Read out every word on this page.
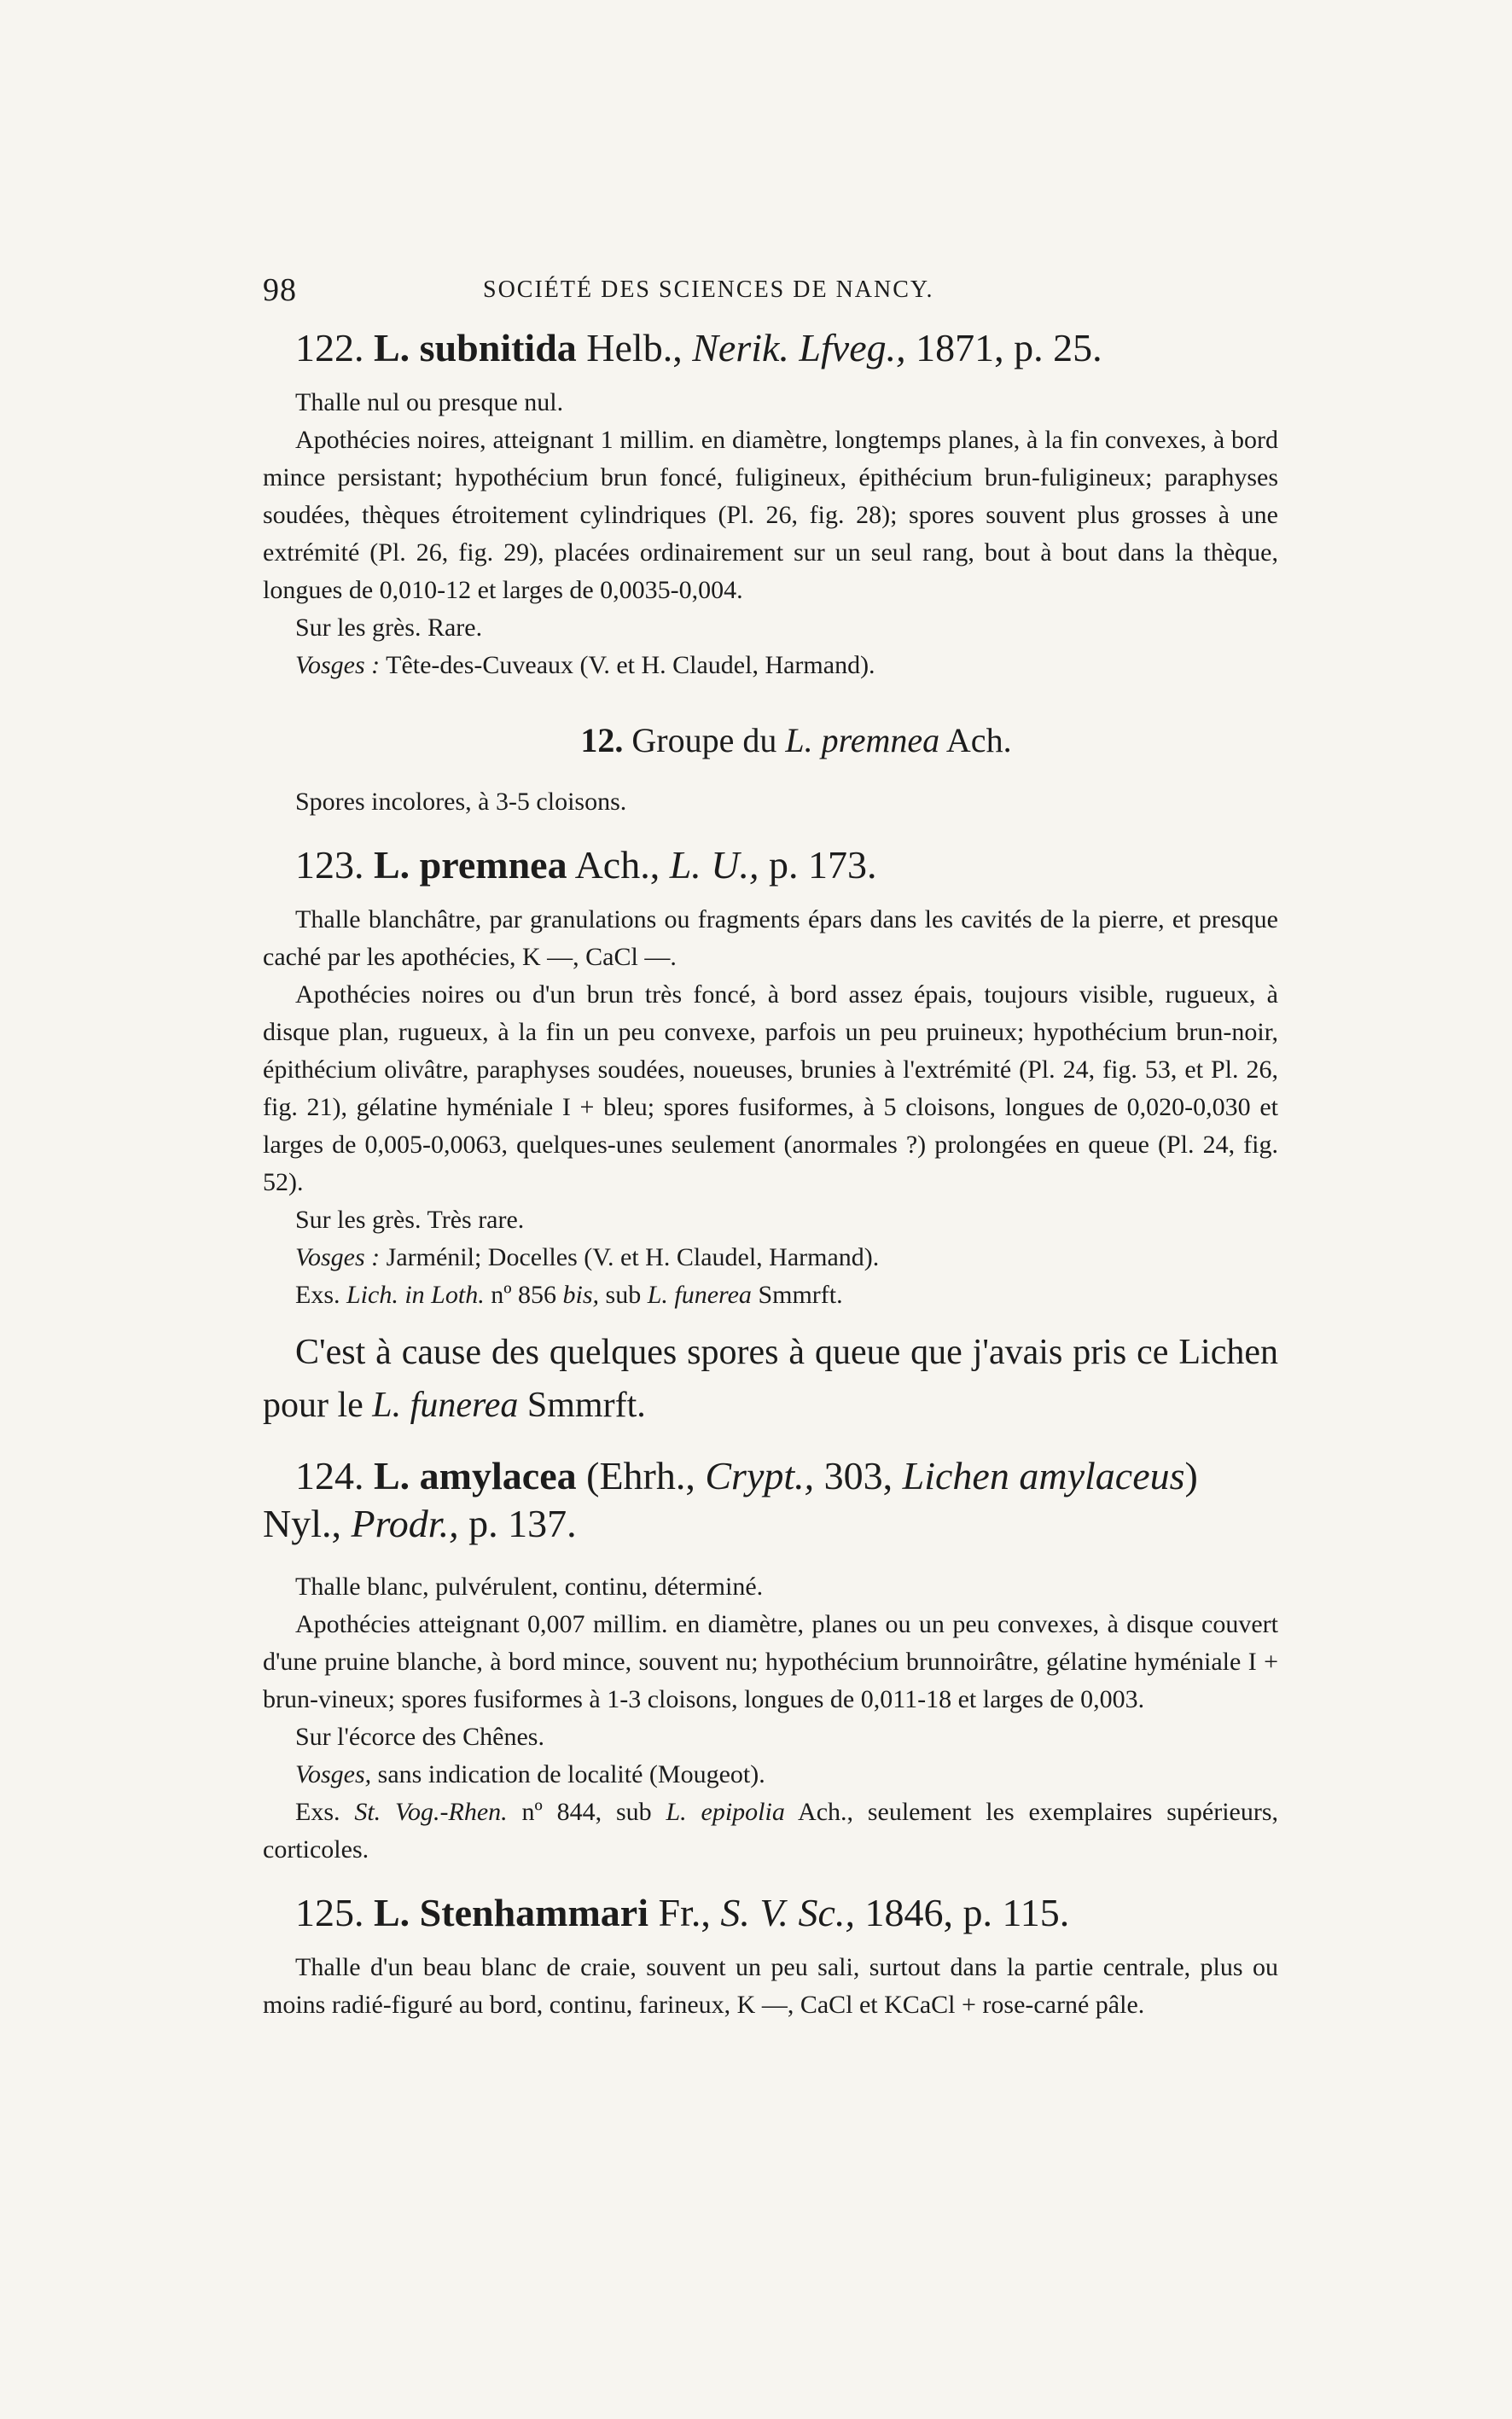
98	SOCIÉTÉ DES SCIENCES DE NANCY.

122. L. subnitida Helb., Nerik. Lfveg., 1871, p. 25.

Thalle nul ou presque nul.

Apothécies noires, atteignant 1 millim. en diamètre, longtemps planes, à la fin convexes, à bord mince persistant; hypothécium brun foncé, fuligineux, épithécium brun-fuligineux; paraphyses soudées, thèques étroitement cylindriques (Pl. 26, fig. 28); spores souvent plus grosses à une extrémité (Pl. 26, fig. 29), placées ordinairement sur un seul rang, bout à bout dans la thèque, longues de 0,010-12 et larges de 0,0035-0,004.

Sur les grès. Rare.

Vosges : Tête-des-Cuveaux (V. et H. Claudel, Harmand).

12. Groupe du L. premnea Ach.

Spores incolores, à 3-5 cloisons.

123. L. premnea Ach., L. U., p. 173.

Thalle blanchâtre, par granulations ou fragments épars dans les cavités de la pierre, et presque caché par les apothécies, K —, CaCl —.

Apothécies noires ou d'un brun très foncé, à bord assez épais, toujours visible, rugueux, à disque plan, rugueux, à la fin un peu convexe, parfois un peu pruineux; hypothécium brun-noir, épithécium olivâtre, paraphyses soudées, noueuses, brunies à l'extrémité (Pl. 24, fig. 53, et Pl. 26, fig. 21), gélatine hyméniale I + bleu; spores fusiformes, à 5 cloisons, longues de 0,020-0,030 et larges de 0,005-0,0063, quelques-unes seulement (anormales ?) prolongées en queue (Pl. 24, fig. 52).

Sur les grès. Très rare.

Vosges : Jarménil; Docelles (V. et H. Claudel, Harmand).

Exs. Lich. in Loth. nº 856 bis, sub L. funerea Smmrft.

C'est à cause des quelques spores à queue que j'avais pris ce Lichen pour le L. funerea Smmrft.

124. L. amylacea (Ehrh., Crypt., 303, Lichen amylaceus) Nyl., Prodr., p. 137.

Thalle blanc, pulvérulent, continu, déterminé.

Apothécies atteignant 0,007 millim. en diamètre, planes ou un peu convexes, à disque couvert d'une pruine blanche, à bord mince, souvent nu; hypothécium brunnoirâtre, gélatine hyméniale I + brun-vineux; spores fusiformes à 1-3 cloisons, longues de 0,011-18 et larges de 0,003.

Sur l'écorce des Chênes.

Vosges, sans indication de localité (Mougeot).

Exs. St. Vog.-Rhen. nº 844, sub L. epipolia Ach., seulement les exemplaires supérieurs, corticoles.

125. L. Stenhammari Fr., S. V. Sc., 1846, p. 115.

Thalle d'un beau blanc de craie, souvent un peu sali, surtout dans la partie centrale, plus ou moins radié-figuré au bord, continu, farineux, K —, CaCl et KCaCl + rose-carné pâle.
